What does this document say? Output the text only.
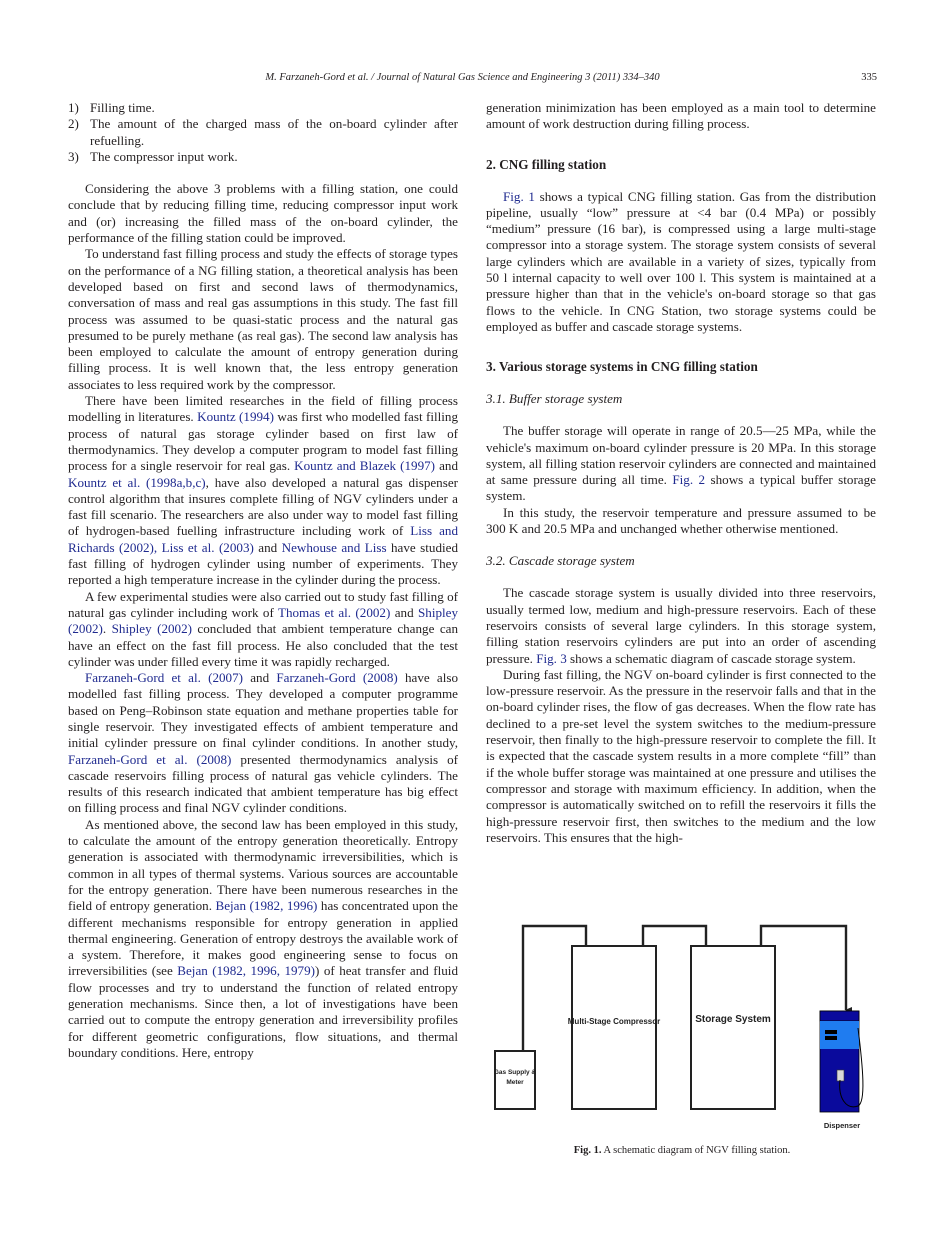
M. Farzaneh-Gord et al. / Journal of Natural Gas Science and Engineering 3 (2011) 334–340	335
1) Filling time.
2) The amount of the charged mass of the on-board cylinder after refuelling.
3) The compressor input work.

Considering the above 3 problems with a filling station, one could conclude that by reducing filling time, reducing compressor input work and (or) increasing the filled mass of the on-board cylinder, the performance of the filling station could be improved.

To understand fast filling process and study the effects of storage types on the performance of a NG filling station, a theoretical analysis has been developed based on first and second laws of thermodynamics, conversation of mass and real gas assumptions in this study. The fast fill process was assumed to be quasi-static process and the natural gas presumed to be purely methane (as real gas). The second law analysis has been employed to calculate the amount of entropy generation during filling process. It is well known that, the less entropy generation associates to less required work by the compressor.

There have been limited researches in the field of filling process modelling in literatures. Kountz (1994) was first who modelled fast filling process of natural gas storage cylinder based on first law of thermodynamics. They develop a computer program to model fast filling process for a single reservoir for real gas. Kountz and Blazek (1997) and Kountz et al. (1998a,b,c), have also developed a natural gas dispenser control algorithm that insures complete filling of NGV cylinders under a fast fill scenario. The researchers are also under way to model fast filling of hydrogen-based fuelling infrastructure including work of Liss and Richards (2002), Liss et al. (2003) and Newhouse and Liss have studied fast filling of hydrogen cylinder using number of experiments. They reported a high temperature increase in the cylinder during the process.

A few experimental studies were also carried out to study fast filling of natural gas cylinder including work of Thomas et al. (2002) and Shipley (2002). Shipley (2002) concluded that ambient temperature change can have an effect on the fast fill process. He also concluded that the test cylinder was under filled every time it was rapidly recharged.

Farzaneh-Gord et al. (2007) and Farzaneh-Gord (2008) have also modelled fast filling process. They developed a computer programme based on Peng–Robinson state equation and methane properties table for single reservoir. They investigated effects of ambient temperature and initial cylinder pressure on final cylinder conditions. In another study, Farzaneh-Gord et al. (2008) presented thermodynamics analysis of cascade reservoirs filling process of natural gas vehicle cylinders. The results of this research indicated that ambient temperature has big effect on filling process and final NGV cylinder conditions.

As mentioned above, the second law has been employed in this study, to calculate the amount of the entropy generation theoretically. Entropy generation is associated with thermodynamic irreversibilities, which is common in all types of thermal systems. Various sources are accountable for the entropy generation. There have been numerous researches in the field of entropy generation. Bejan (1982, 1996) has concentrated upon the different mechanisms responsible for entropy generation in applied thermal engineering. Generation of entropy destroys the available work of a system. Therefore, it makes good engineering sense to focus on irreversibilities (see Bejan (1982, 1996, 1979)) of heat transfer and fluid flow processes and try to understand the function of related entropy generation mechanisms. Since then, a lot of investigations have been carried out to compute the entropy generation and irreversibility profiles for different geometric configurations, flow situations, and thermal boundary conditions. Here, entropy

generation minimization has been employed as a main tool to determine amount of work destruction during filling process.

2. CNG filling station

Fig. 1 shows a typical CNG filling station. Gas from the distribution pipeline, usually “low” pressure at <4 bar (0.4 MPa) or possibly “medium” pressure (16 bar), is compressed using a large multi-stage compressor into a storage system. The storage system consists of several large cylinders which are available in a variety of sizes, typically from 50 l internal capacity to well over 100 l. This system is maintained at a pressure higher than that in the vehicle's on-board storage so that gas flows to the vehicle. In CNG Station, two storage systems could be employed as buffer and cascade storage systems.

3. Various storage systems in CNG filling station
3.1. Buffer storage system

The buffer storage will operate in range of 20.5—25 MPa, while the vehicle's maximum on-board cylinder pressure is 20 MPa. In this storage system, all filling station reservoir cylinders are connected and maintained at same pressure during all time. Fig. 2 shows a typical buffer storage system.

In this study, the reservoir temperature and pressure assumed to be 300 K and 20.5 MPa and unchanged whether otherwise mentioned.

3.2. Cascade storage system

The cascade storage system is usually divided into three reservoirs, usually termed low, medium and high-pressure reservoirs. Each of these reservoirs consists of several large cylinders. In this storage system, filling station reservoirs cylinders are put into an order of ascending pressure. Fig. 3 shows a schematic diagram of cascade storage system.

During fast filling, the NGV on-board cylinder is first connected to the low-pressure reservoir. As the pressure in the reservoir falls and that in the on-board cylinder rises, the flow of gas decreases. When the flow rate has declined to a pre-set level the system switches to the medium-pressure reservoir, then finally to the high-pressure reservoir to complete the fill. It is expected that the cascade system results in a more complete “fill” than if the whole buffer storage was maintained at one pressure and utilises the compressor and storage with maximum efficiency. In addition, when the compressor is automatically switched on to refill the reservoirs it fills the high-pressure reservoir first, then switches to the medium and the low reservoirs. This ensures that the high-

Gas Supply &
Meter
Multi-Stage Compressor	Storage System
Dispenser
Fig. 1. A schematic diagram of NGV filling station.
